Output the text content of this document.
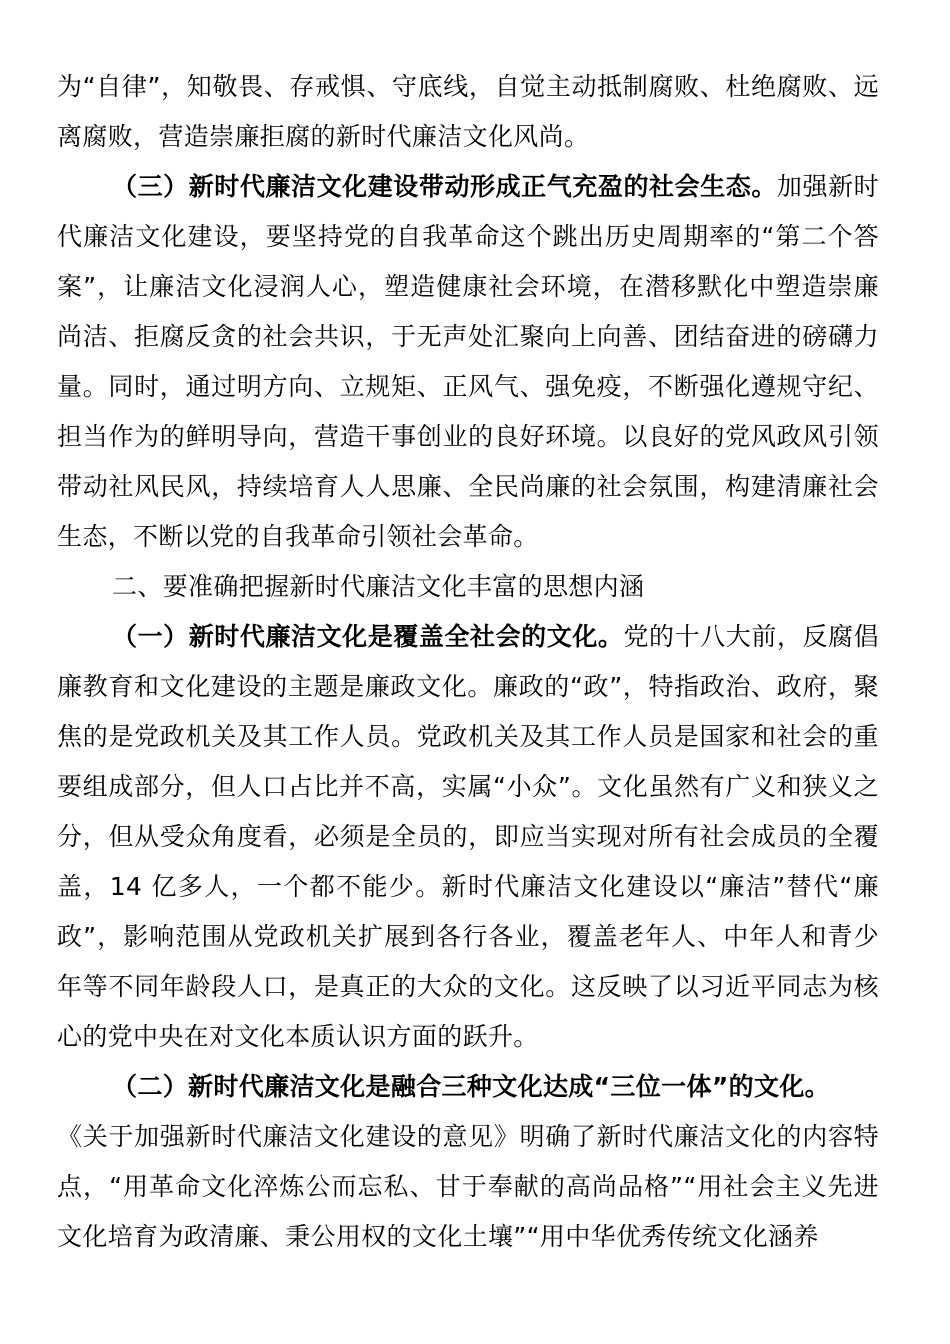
为“自律”，知敬畏、存戒惧、守底线，自觉主动抵制腐败、杜绝腐败、远离腐败，营造崇廉拒腐的新时代廉洁文化风尚。

（三）新时代廉洁文化建设带动形成正气充盈的社会生态。加强新时代廉洁文化建设，要坚持党的自我革命这个跳出历史周期率的“第二个答案”，让廉洁文化浸润人心，塑造健康社会环境，在潜移默化中塑造崇廉尚洁、拒腐反贪的社会共识，于无声处汇聚向上向善、团结奋进的磅礴力量。同时，通过明方向、立规矩、正风气、强免疫，不断强化遵规守纪、担当作为的鲜明导向，营造干事创业的良好环境。以良好的党风政风引领带动社风民风，持续培育人人思廉、全民尚廉的社会氛围，构建清廉社会生态，不断以党的自我革命引领社会革命。

二、要准确把握新时代廉洁文化丰富的思想内涵

（一）新时代廉洁文化是覆盖全社会的文化。党的十八大前，反腐倡廉教育和文化建设的主题是廉政文化。廉政的“政”，特指政治、政府，聚焦的是党政机关及其工作人员。党政机关及其工作人员是国家和社会的重要组成部分，但人口占比并不高，实属“小众”。文化虽然有广义和狭义之分，但从受众角度看，必须是全员的，即应当实现对所有社会成员的全覆盖，14 亿多人，一个都不能少。新时代廉洁文化建设以“廉洁”替代“廉政”，影响范围从党政机关扩展到各行各业，覆盖老年人、中年人和青少年等不同年龄段人口，是真正的大众的文化。这反映了以习近平同志为核心的党中央在对文化本质认识方面的跃升。

（二）新时代廉洁文化是融合三种文化达成“三位一体”的文化。

《关于加强新时代廉洁文化建设的意见》明确了新时代廉洁文化的内容特点，“用革命文化淬炼公而忘私、甘于奉献的高尚品格”“用社会主义先进文化培育为政清廉、秉公用权的文化土壤”“用中华优秀传统文化涵养
